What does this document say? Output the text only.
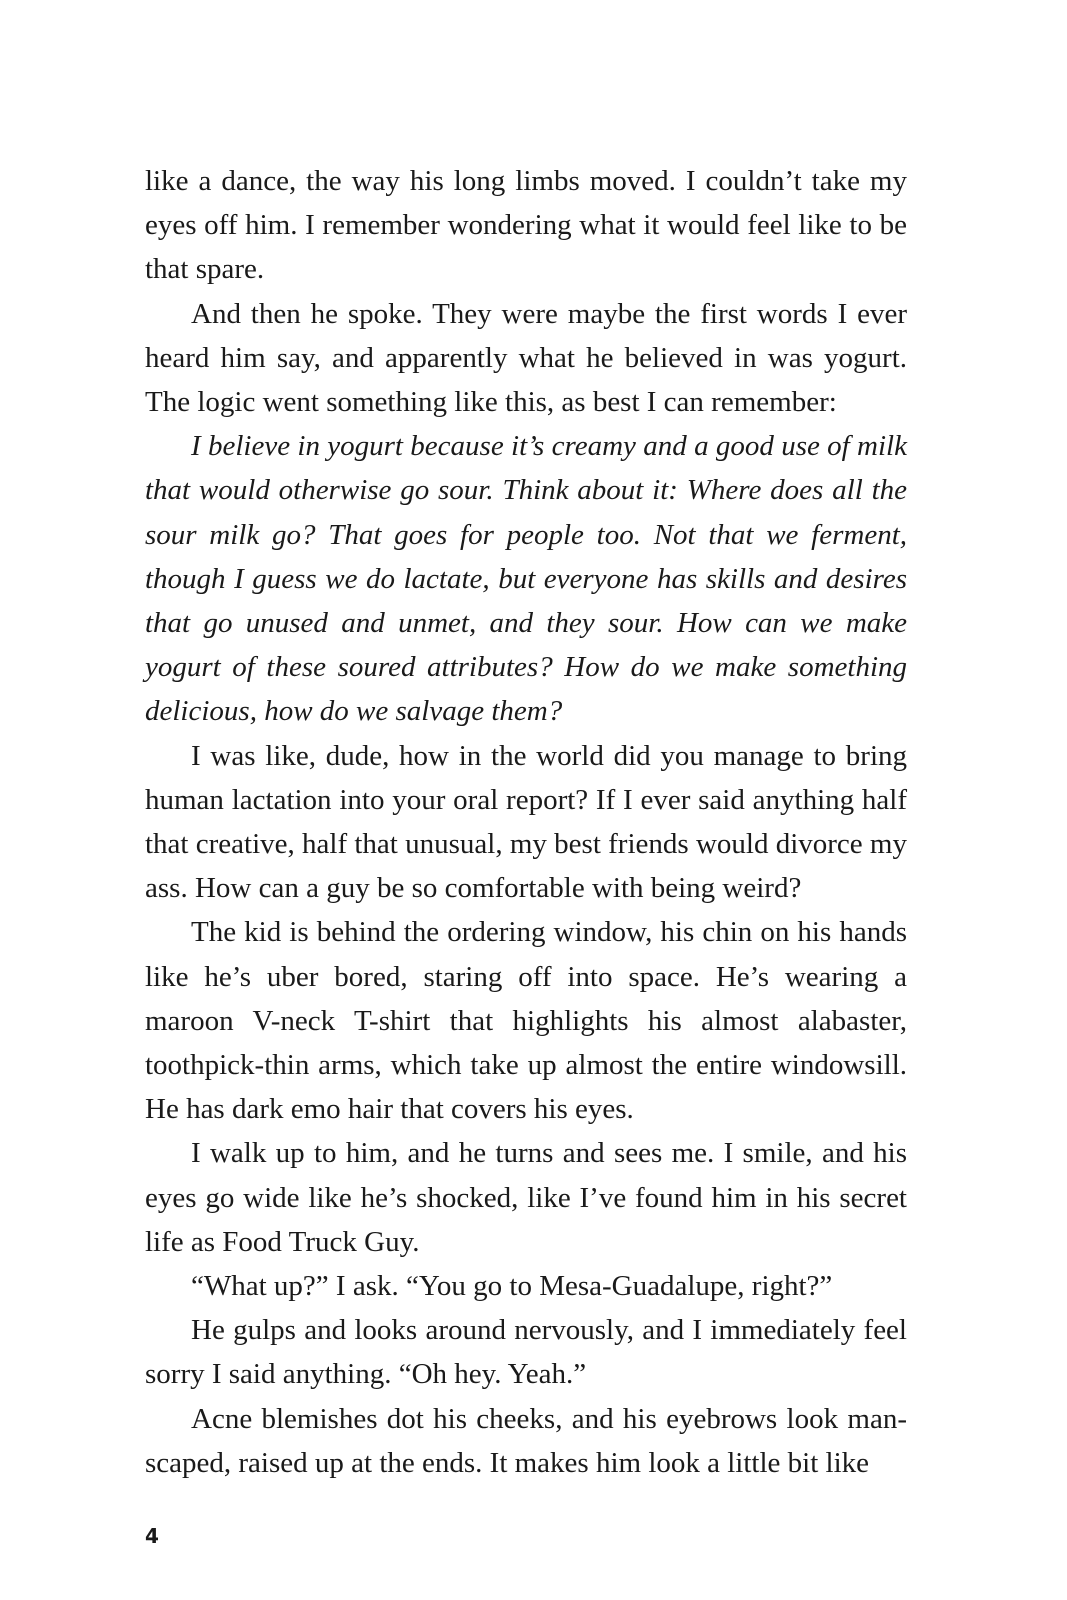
like a dance, the way his long limbs moved. I couldn’t take my eyes off him. I remember wondering what it would feel like to be that spare.

And then he spoke. They were maybe the first words I ever heard him say, and apparently what he believed in was yogurt. The logic went something like this, as best I can remember:

I believe in yogurt because it’s creamy and a good use of milk that would otherwise go sour. Think about it: Where does all the sour milk go? That goes for people too. Not that we ferment, though I guess we do lactate, but everyone has skills and desires that go unused and unmet, and they sour. How can we make yogurt of these soured attributes? How do we make something delicious, how do we salvage them?

I was like, dude, how in the world did you manage to bring human lactation into your oral report? If I ever said anything half that creative, half that unusual, my best friends would divorce my ass. How can a guy be so comfortable with being weird?

The kid is behind the ordering window, his chin on his hands like he’s uber bored, staring off into space. He’s wearing a maroon V-neck T-shirt that highlights his almost alabaster, toothpick-thin arms, which take up almost the entire windowsill. He has dark emo hair that covers his eyes.

I walk up to him, and he turns and sees me. I smile, and his eyes go wide like he’s shocked, like I’ve found him in his secret life as Food Truck Guy.

“What up?” I ask. “You go to Mesa-Guadalupe, right?”

He gulps and looks around nervously, and I immediately feel sorry I said anything. “Oh hey. Yeah.”

Acne blemishes dot his cheeks, and his eyebrows look manscaped, raised up at the ends. It makes him look a little bit like

4
